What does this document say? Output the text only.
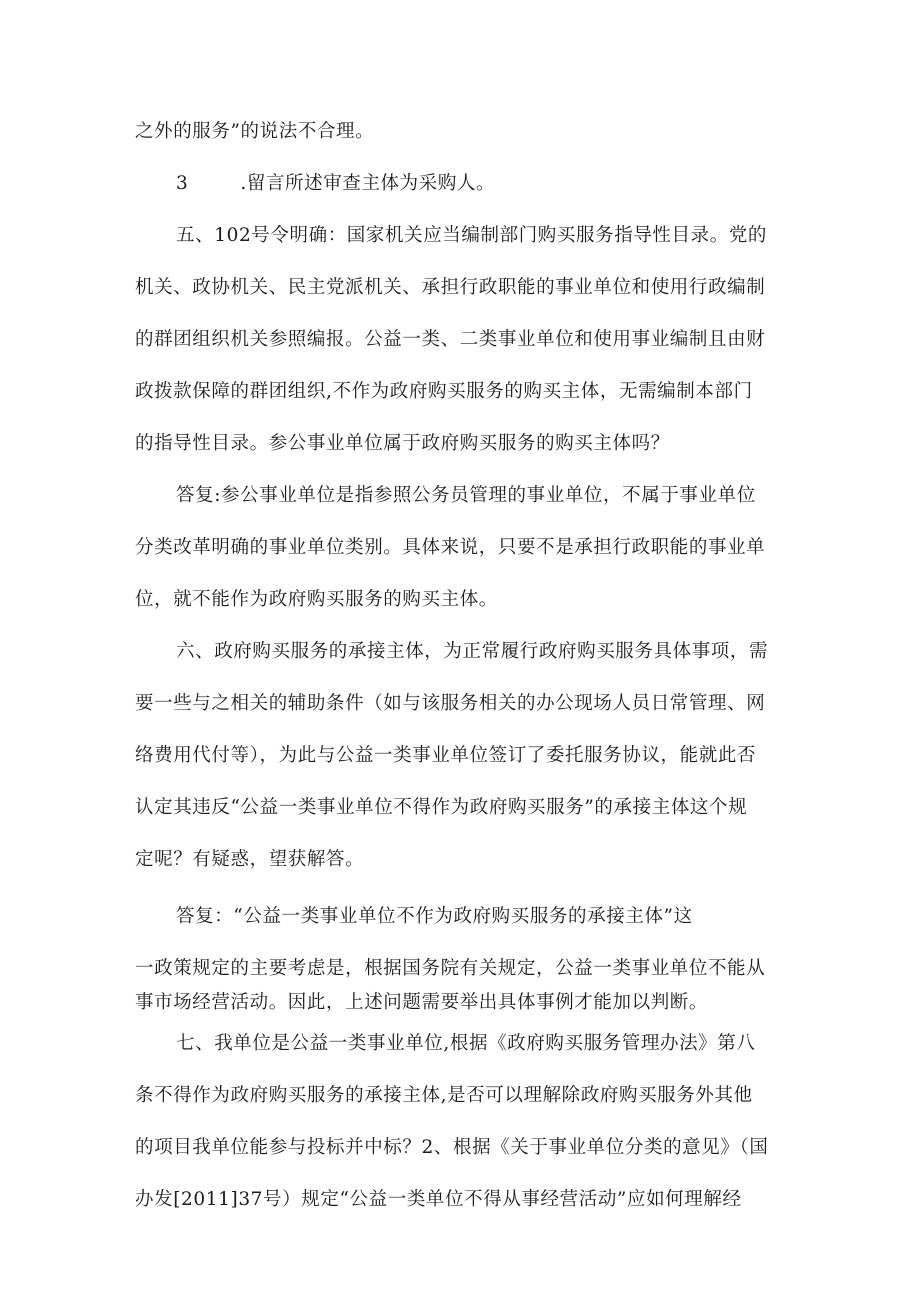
之外的服务”的说法不合理。

3	.留言所述审查主体为采购人。

五、102号令明确：国家机关应当编制部门购买服务指导性目录。党的

机关、政协机关、民主党派机关、承担行政职能的事业单位和使用行政编制

的群团组织机关参照编报。公益一类、二类事业单位和使用事业编制且由财

政拨款保障的群团组织,不作为政府购买服务的购买主体，无需编制本部门

的指导性目录。参公事业单位属于政府购买服务的购买主体吗？

答复:参公事业单位是指参照公务员管理的事业单位，不属于事业单位

分类改革明确的事业单位类别。具体来说，只要不是承担行政职能的事业单

位，就不能作为政府购买服务的购买主体。

六、政府购买服务的承接主体，为正常履行政府购买服务具体事项，需

要一些与之相关的辅助条件（如与该服务相关的办公现场人员日常管理、网

络费用代付等），为此与公益一类事业单位签订了委托服务协议，能就此否

认定其违反“公益一类事业单位不得作为政府购买服务”的承接主体这个规

定呢？有疑惑，望获解答。

答复：“公益一类事业单位不作为政府购买服务的承接主体”这

一政策规定的主要考虑是，根据国务院有关规定，公益一类事业单位不能从

事市场经营活动。因此，上述问题需要举出具体事例才能加以判断。

七、我单位是公益一类事业单位,根据《政府购买服务管理办法》第八

条不得作为政府购买服务的承接主体,是否可以理解除政府购买服务外其他

的项目我单位能参与投标并中标？2、根据《关于事业单位分类的意见》（国

办发[2011]37号）规定“公益一类单位不得从事经营活动”应如何理解经
